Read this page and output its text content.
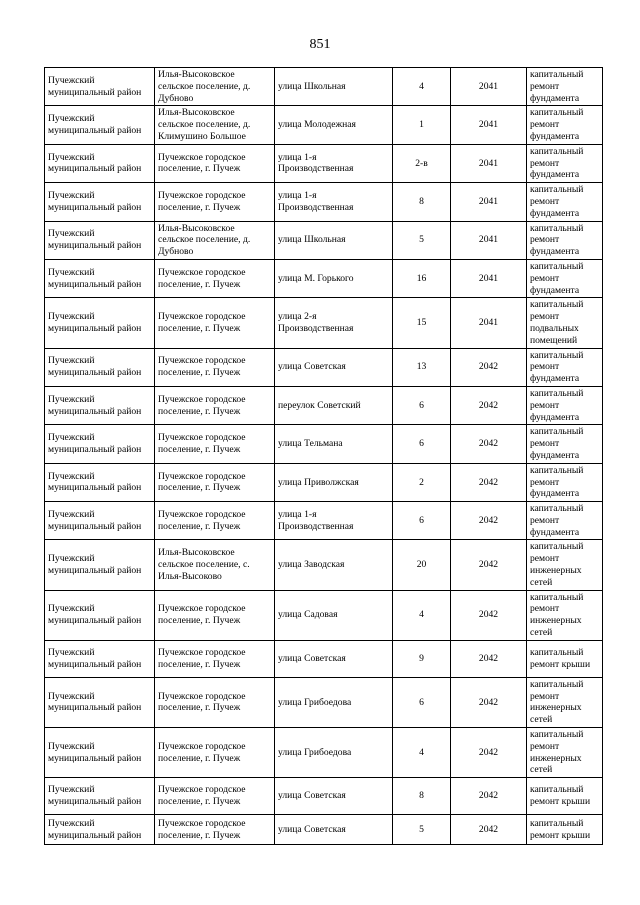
851
Пучежский муниципальный район	Илья-Высоковское сельское поселение, д. Дубново	улица Школьная	4	2041	капитальный ремонт фундамента
Пучежский муниципальный район	Илья-Высоковское сельское поселение, д. Климушино Большое	улица Молодежная	1	2041	капитальный ремонт фундамента
Пучежский муниципальный район	Пучежское городское поселение, г. Пучеж	улица 1-я Производственная	2-в	2041	капитальный ремонт фундамента
Пучежский муниципальный район	Пучежское городское поселение, г. Пучеж	улица 1-я Производственная	8	2041	капитальный ремонт фундамента
Пучежский муниципальный район	Илья-Высоковское сельское поселение, д. Дубново	улица Школьная	5	2041	капитальный ремонт фундамента
Пучежский муниципальный район	Пучежское городское поселение, г. Пучеж	улица М. Горького	16	2041	капитальный ремонт фундамента
Пучежский муниципальный район	Пучежское городское поселение, г. Пучеж	улица 2-я Производственная	15	2041	капитальный ремонт подвальных помещений
Пучежский муниципальный район	Пучежское городское поселение, г. Пучеж	улица Советская	13	2042	капитальный ремонт фундамента
Пучежский муниципальный район	Пучежское городское поселение, г. Пучеж	переулок Советский	6	2042	капитальный ремонт фундамента
Пучежский муниципальный район	Пучежское городское поселение, г. Пучеж	улица Тельмана	6	2042	капитальный ремонт фундамента
Пучежский муниципальный район	Пучежское городское поселение, г. Пучеж	улица Приволжская	2	2042	капитальный ремонт фундамента
Пучежский муниципальный район	Пучежское городское поселение, г. Пучеж	улица 1-я Производственная	6	2042	капитальный ремонт фундамента
Пучежский муниципальный район	Илья-Высоковское сельское поселение, с. Илья-Высоково	улица Заводская	20	2042	капитальный ремонт инженерных сетей
Пучежский муниципальный район	Пучежское городское поселение, г. Пучеж	улица Садовая	4	2042	капитальный ремонт инженерных сетей
Пучежский муниципальный район	Пучежское городское поселение, г. Пучеж	улица Советская	9	2042	капитальный ремонт крыши
Пучежский муниципальный район	Пучежское городское поселение, г. Пучеж	улица Грибоедова	6	2042	капитальный ремонт инженерных сетей
Пучежский муниципальный район	Пучежское городское поселение, г. Пучеж	улица Грибоедова	4	2042	капитальный ремонт инженерных сетей
Пучежский муниципальный район	Пучежское городское поселение, г. Пучеж	улица Советская	8	2042	капитальный ремонт крыши
Пучежский муниципальный район	Пучежское городское поселение, г. Пучеж	улица Советская	5	2042	капитальный ремонт крыши
